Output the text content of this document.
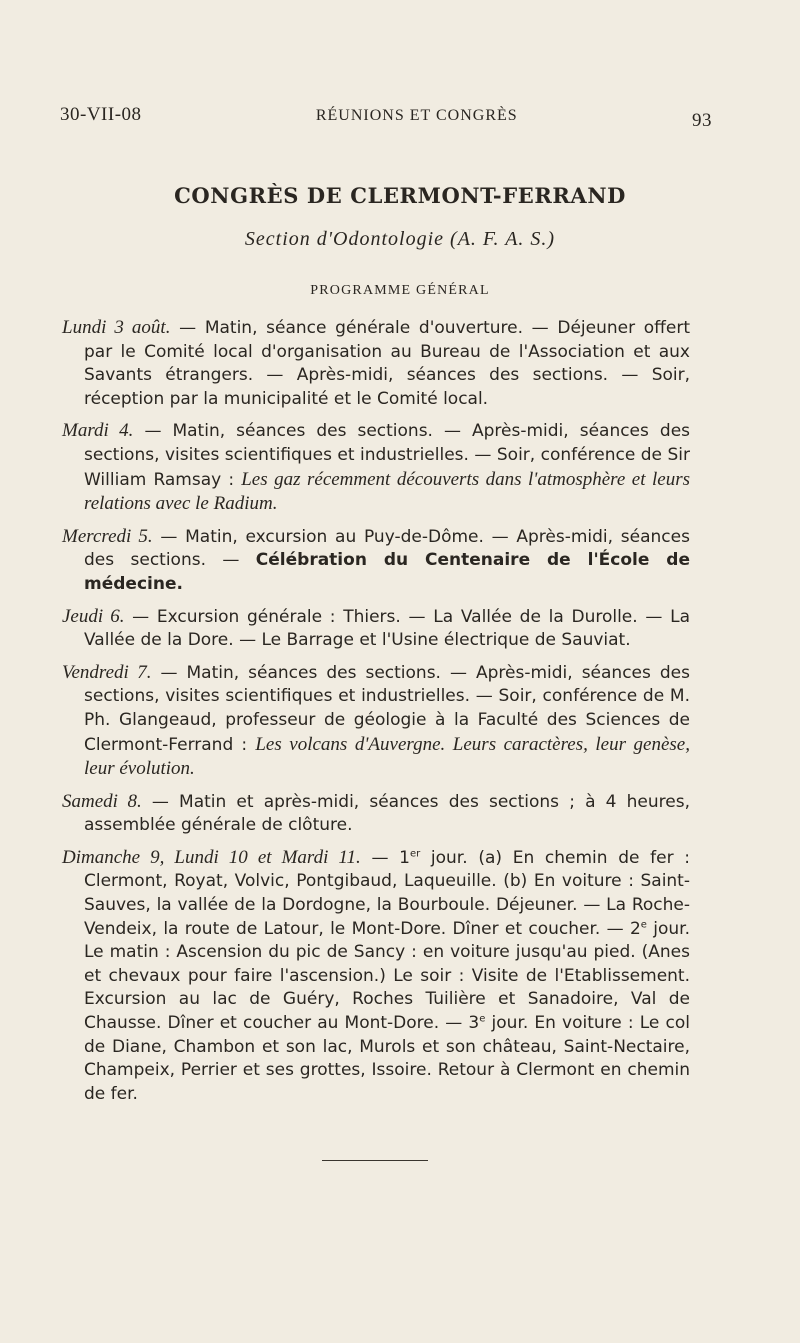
30-VII-08	RÉUNIONS ET CONGRÈS	93
CONGRÈS DE CLERMONT-FERRAND
Section d'Odontologie (A. F. A. S.)
PROGRAMME GÉNÉRAL

Lundi 3 août. — Matin, séance générale d'ouverture. — Déjeuner offert par le Comité local d'organisation au Bureau de l'Association et aux Savants étrangers. — Après-midi, séances des sections. — Soir, réception par la municipalité et le Comité local.

Mardi 4. — Matin, séances des sections. — Après-midi, séances des sections, visites scientifiques et industrielles. — Soir, conférence de Sir William Ramsay : Les gaz récemment découverts dans l'atmosphère et leurs relations avec le Radium.

Mercredi 5. — Matin, excursion au Puy-de-Dôme. — Après-midi, séances des sections. — Célébration du Centenaire de l'École de médecine.

Jeudi 6. — Excursion générale : Thiers. — La Vallée de la Durolle. — La Vallée de la Dore. — Le Barrage et l'Usine électrique de Sauviat.

Vendredi 7. — Matin, séances des sections. — Après-midi, séances des sections, visites scientifiques et industrielles. — Soir, conférence de M. Ph. Glangeaud, professeur de géologie à la Faculté des Sciences de Clermont-Ferrand : Les volcans d'Auvergne. Leurs caractères, leur genèse, leur évolution.

Samedi 8. — Matin et après-midi, séances des sections ; à 4 heures, assemblée générale de clôture.

Dimanche 9, Lundi 10 et Mardi 11. — 1er jour. (a) En chemin de fer : Clermont, Royat, Volvic, Pontgibaud, Laqueuille. (b) En voiture : Saint-Sauves, la vallée de la Dordogne, la Bourboule. Déjeuner. — La Roche-Vendeix, la route de Latour, le Mont-Dore. Dîner et coucher. — 2e jour. Le matin : Ascension du pic de Sancy : en voiture jusqu'au pied. (Anes et chevaux pour faire l'ascension.) Le soir : Visite de l'Etablissement. Excursion au lac de Guéry, Roches Tuilière et Sanadoire, Val de Chausse. Dîner et coucher au Mont-Dore. — 3e jour. En voiture : Le col de Diane, Chambon et son lac, Murols et son château, Saint-Nectaire, Champeix, Perrier et ses grottes, Issoire. Retour à Clermont en chemin de fer.
